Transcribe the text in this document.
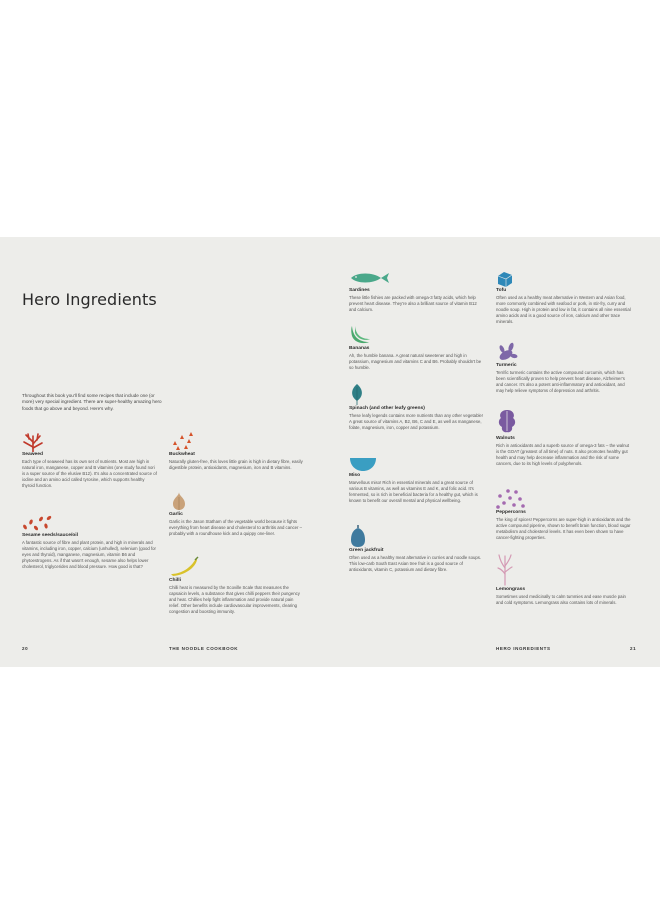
Hero Ingredients
Throughout this book you'll find some recipes that include one (or more) very special ingredient. There are super-healthy amazing hero foods that go above and beyond. Here's why.
Seaweed
Each type of seaweed has its own set of nutrients. Most are high in natural iron, manganese, copper and B vitamins (one study found nori is a super source of the elusive B12). It's also a concentrated source of iodine and an amino acid called tyrosine, which supports healthy thyroid function.
Sesame seeds/sauce/oil
A fantastic source of fibre and plant protein, and high in minerals and vitamins, including iron, copper, calcium (unhulled), selenium (good for eyes and thyroid), manganese, magnesium, vitamin B6 and phytoestrogens. As if that wasn't enough, sesame also helps lower cholesterol, triglycerides and blood pressure. How good is that?
Buckwheat
Naturally gluten-free, this loves little grain is high in dietary fibre, easily digestible protein, antioxidants, magnesium, iron and B vitamins.
Garlic
Garlic is the Jason Statham of the vegetable world because it fights everything from heart disease and cholesterol to arthritis and cancer – probably with a roundhouse kick and a quippy one-liner.
Chilli
Chilli heat is measured by the Scoville Scale that measures the capsaicin levels, a substance that gives chilli peppers their pungency and heat. Chillies help fight inflammation and provide natural pain relief. Other benefits include cardiovascular improvements, clearing congestion and boosting immunity.
Sardines
These little fishies are packed with omega-3 fatty acids, which help prevent heart disease. They're also a brilliant source of vitamin B12 and calcium.
Bananas
Ah, the humble banana. A great natural sweetener and high in potassium, magnesium and vitamins C and B6. Probably shouldn't be so humble.
Spinach (and other leafy greens)
These leafy legends contains more nutrients than any other vegetable! A great source of vitamins A, B2, B6, C and E, as well as manganese, folate, magnesium, iron, copper and potassium.
Miso
Marvellous miso! Rich in essential minerals and a great source of various B vitamins, as well as vitamins E and K, and folic acid. It's fermented, so is rich in beneficial bacteria for a healthy gut, which is known to benefit our overall mental and physical wellbeing.
Green jackfruit
Often used as a healthy meat alternative in curries and noodle soups. This low-carb South East Asian tree fruit is a good source of antioxidants, vitamin C, potassium and dietary fibre.
Tofu
Often used as a healthy meat alternative in Western and Asian food, more commonly combined with seafood or pork, in stir-fry, curry and noodle soup. High in protein and low in fat, it contains all nine essential amino acids and is a good source of iron, calcium and other trace minerals.
Turmeric
Terrific turmeric contains the active compound curcumin, which has been scientifically proven to help prevent heart disease, Alzheimer's and cancer. It's also a potent anti-inflammatory and antioxidant, and may help relieve symptoms of depression and arthritis.
Walnuts
Rich in antioxidants and a superb source of omega-3 fats – the walnut is the GOAT (greatest of all time) of nuts. It also promotes healthy gut health and may help decrease inflammation and the risk of some cancers, due to its high levels of polyphenols.
Peppercorns
The king of spices! Peppercorns are super-high in antioxidants and the active compound piperine, shown to benefit brain function, blood sugar metabolism and cholesterol levels. It has even been shown to have cancer-fighting properties.
Lemongrass
Sometimes used medicinally to calm tummies and ease muscle pain and cold symptoms. Lemongrass also contains lots of minerals.
20	THE NOODLE COOKBOOK	HERO INGREDIENTS	21
